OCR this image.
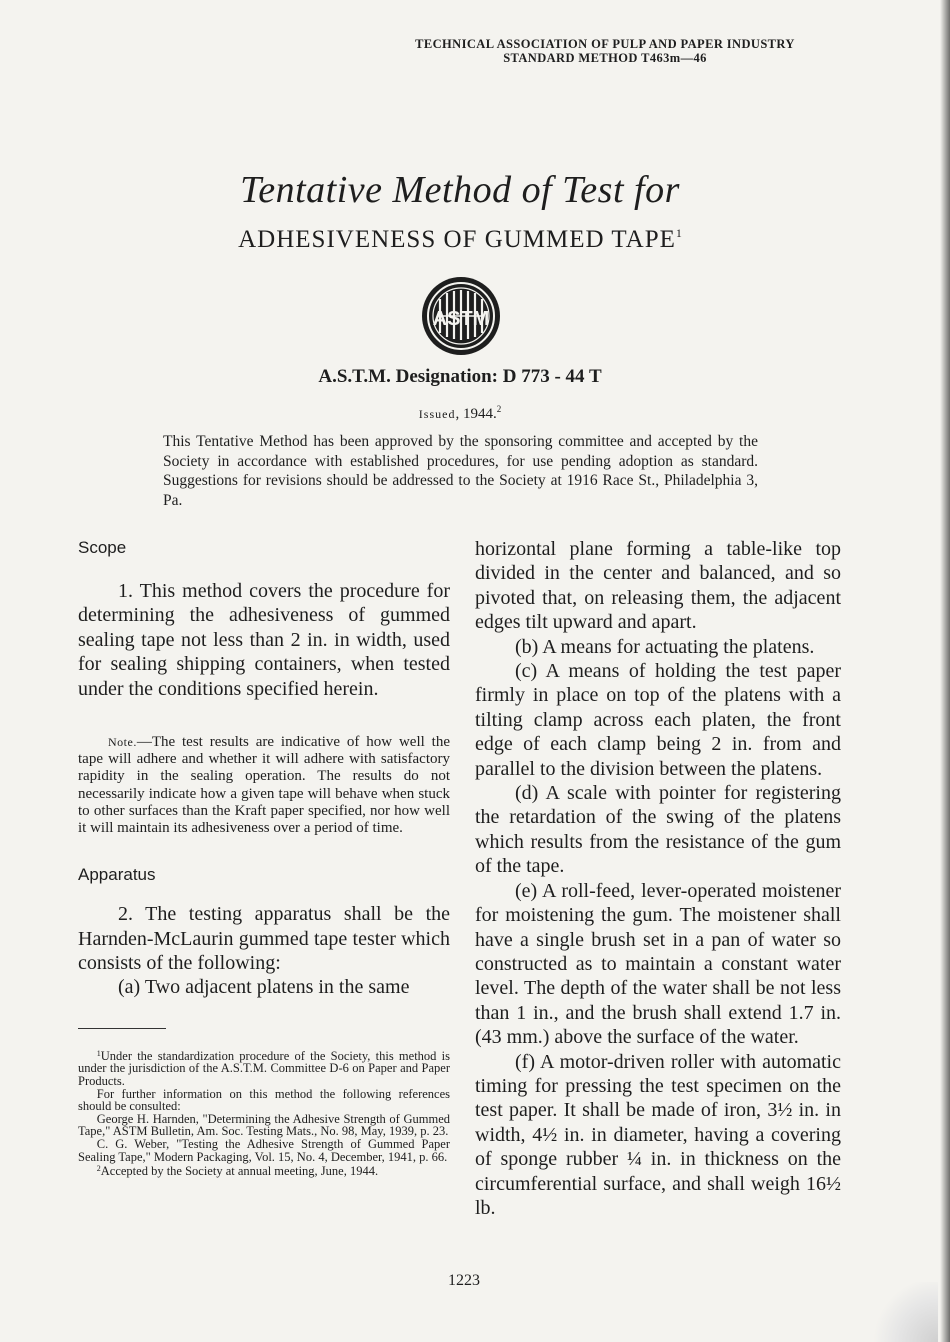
TECHNICAL ASSOCIATION OF PULP AND PAPER INDUSTRY
STANDARD METHOD T463m—46
Tentative Method of Test for
ADHESIVENESS OF GUMMED TAPE$^1$
ASTM
A.S.T.M. Designation: D 773 - 44 T
Issued, 1944.$^2$
This Tentative Method has been approved by the sponsoring committee and accepted by the Society in accordance with established procedures, for use pending adoption as standard. Suggestions for revisions should be addressed to the Society at 1916 Race St., Philadelphia 3, Pa.
Scope

1. This method covers the procedure for determining the adhesiveness of gummed sealing tape not less than 2 in. in width, used for sealing shipping containers, when tested under the conditions specified herein.

Note.—The test results are indicative of how well the tape will adhere and whether it will adhere with satisfactory rapidity in the sealing operation. The results do not necessarily indicate how a given tape will behave when stuck to other surfaces than the Kraft paper specified, nor how well it will maintain its adhesiveness over a period of time.

Apparatus

2. The testing apparatus shall be the Harnden-McLaurin gummed tape tester which consists of the following:

(a) Two adjacent platens in the same

$^1$Under the standardization procedure of the Society, this method is under the jurisdiction of the A.S.T.M. Committee D-6 on Paper and Paper Products.

For further information on this method the following references should be consulted:

George H. Harnden, "Determining the Adhesive Strength of Gummed Tape," ASTM Bulletin, Am. Soc. Testing Mats., No. 98, May, 1939, p. 23.

C. G. Weber, "Testing the Adhesive Strength of Gummed Paper Sealing Tape," Modern Packaging, Vol. 15, No. 4, December, 1941, p. 66.

$^2$Accepted by the Society at annual meeting, June, 1944.

horizontal plane forming a table-like top divided in the center and balanced, and so pivoted that, on releasing them, the adjacent edges tilt upward and apart.

(b) A means for actuating the platens.

(c) A means of holding the test paper firmly in place on top of the platens with a tilting clamp across each platen, the front edge of each clamp being 2 in. from and parallel to the division between the platens.

(d) A scale with pointer for registering the retardation of the swing of the platens which results from the resistance of the gum of the tape.

(e) A roll-feed, lever-operated moistener for moistening the gum. The moistener shall have a single brush set in a pan of water so constructed as to maintain a constant water level. The depth of the water shall be not less than 1 in., and the brush shall extend 1.7 in. (43 mm.) above the surface of the water.

(f) A motor-driven roller with automatic timing for pressing the test specimen on the test paper. It shall be made of iron, 3½ in. in width, 4½ in. in diameter, having a covering of sponge rubber ¼ in. in thickness on the circumferential surface, and shall weigh 16½ lb.

1223
